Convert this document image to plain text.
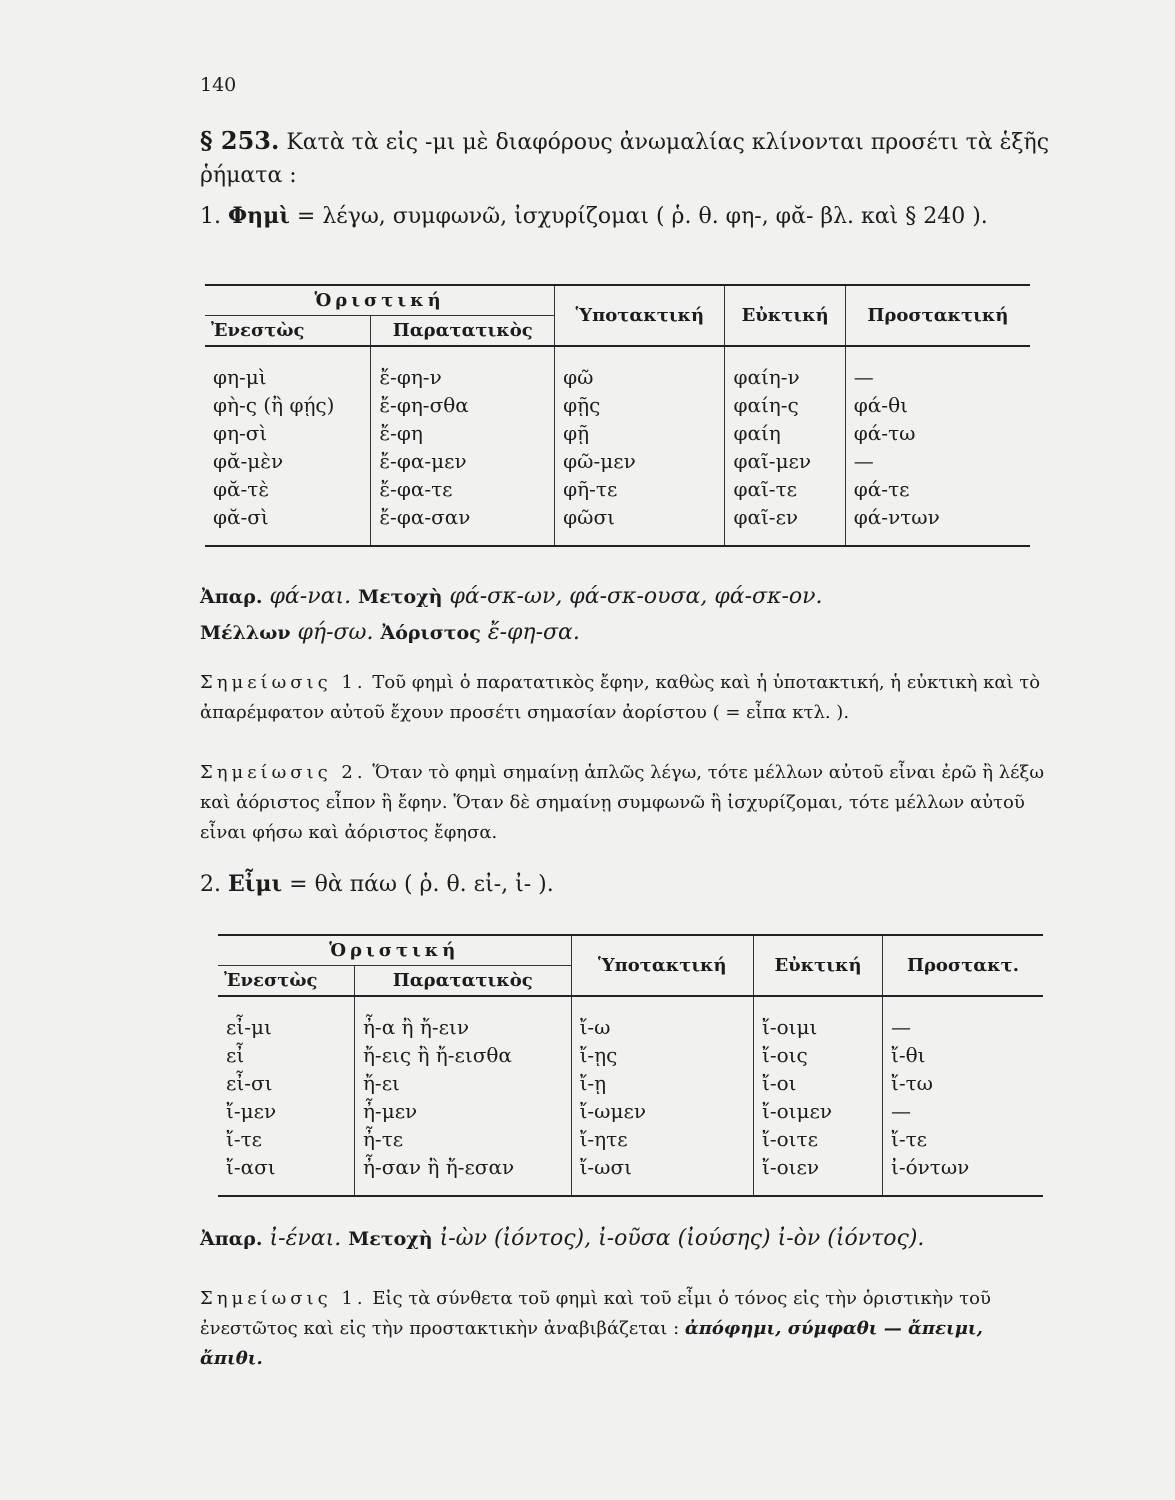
140
§ 253. Κατὰ τὰ εἰς -μι μὲ διαφόρους ἀνωμαλίας κλίνονται προσέτι τὰ ἑξῆς ῥήματα :
1. Φημὶ = λέγω, συμφωνῶ, ἰσχυρίζομαι ( ῥ. θ. φη-, φᾰ- βλ. καὶ § 240 ).
Ὁριστική		Ὑποτακτική	Εὐκτική	Προστακτική
Ἐνεστὼς	Παρατατικὸς			
φη-μὶ	ἔ-φη-ν	φῶ	φαίη-ν	—
φὴ-ς (ἢ φῄς)	ἔ-φη-σθα	φῇς	φαίη-ς	φά-θι
φη-σὶ	ἔ-φη	φῇ	φαίη	φά-τω
φᾰ-μὲν	ἔ-φα-μεν	φῶ-μεν	φαῖ-μεν	—
φᾰ-τὲ	ἔ-φα-τε	φῆ-τε	φαῖ-τε	φά-τε
φᾰ-σὶ	ἔ-φα-σαν	φῶσι	φαῖ-εν	φά-ντων
Ἀπαρ. φά-ναι. Μετοχὴ φά-σκ-ων, φά-σκ-ουσα, φά-σκ-ον.
Μέλλων φή-σω. Ἀόριστος ἔ-φη-σα.
Σημείωσις 1. Τοῦ φημὶ ὁ παρατατικὸς ἔφην, καθὼς καὶ ἡ ὑποτακτική, ἡ εὐκτικὴ καὶ τὸ ἀπαρέμφατον αὐτοῦ ἔχουν προσέτι σημασίαν ἀορίστου ( = εἶπα κτλ. ).
Σημείωσις 2. Ὅταν τὸ φημὶ σημαίνῃ ἁπλῶς λέγω, τότε μέλλων αὐτοῦ εἶναι ἐρῶ ἢ λέξω καὶ ἀόριστος εἶπον ἢ ἔφην. Ὅταν δὲ σημαίνῃ συμφωνῶ ἢ ἰσχυρίζομαι, τότε μέλλων αὐτοῦ εἶναι φήσω καὶ ἀόριστος ἔφησα.
2. Εἶμι = θὰ πάω ( ῥ. θ. εἰ-, ἰ- ).
Ὁριστική		Ὑποτακτική	Εὐκτική	Προστακτ.
Ἐνεστὼς	Παρατατικὸς			
εἶ-μι	ἦ-α ἢ ἤ-ειν	ἴ-ω	ἴ-οιμι	—
εἶ	ἤ-εις ἢ ἤ-εισθα	ἴ-ῃς	ἴ-οις	ἴ-θι
εἶ-σι	ἤ-ει	ἴ-ῃ	ἴ-οι	ἴ-τω
ἴ-μεν	ἦ-μεν	ἴ-ωμεν	ἴ-οιμεν	—
ἴ-τε	ἦ-τε	ἴ-ητε	ἴ-οιτε	ἴ-τε
ἴ-ασι	ἦ-σαν ἢ ἤ-εσαν	ἴ-ωσι	ἴ-οιεν	ἰ-όντων
Ἀπαρ. ἰ-έναι. Μετοχὴ ἰ-ὼν (ἰόντος), ἰ-οῦσα (ἰούσης) ἰ-ὸν (ἰόντος).
Σημείωσις 1. Εἰς τὰ σύνθετα τοῦ φημὶ καὶ τοῦ εἶμι ὁ τόνος εἰς τὴν ὁριστικὴν τοῦ ἐνεστῶτος καὶ εἰς τὴν προστακτικὴν ἀναβιβάζεται : ἀπόφημι, σύμφαθι — ἄπειμι, ἄπιθι.
